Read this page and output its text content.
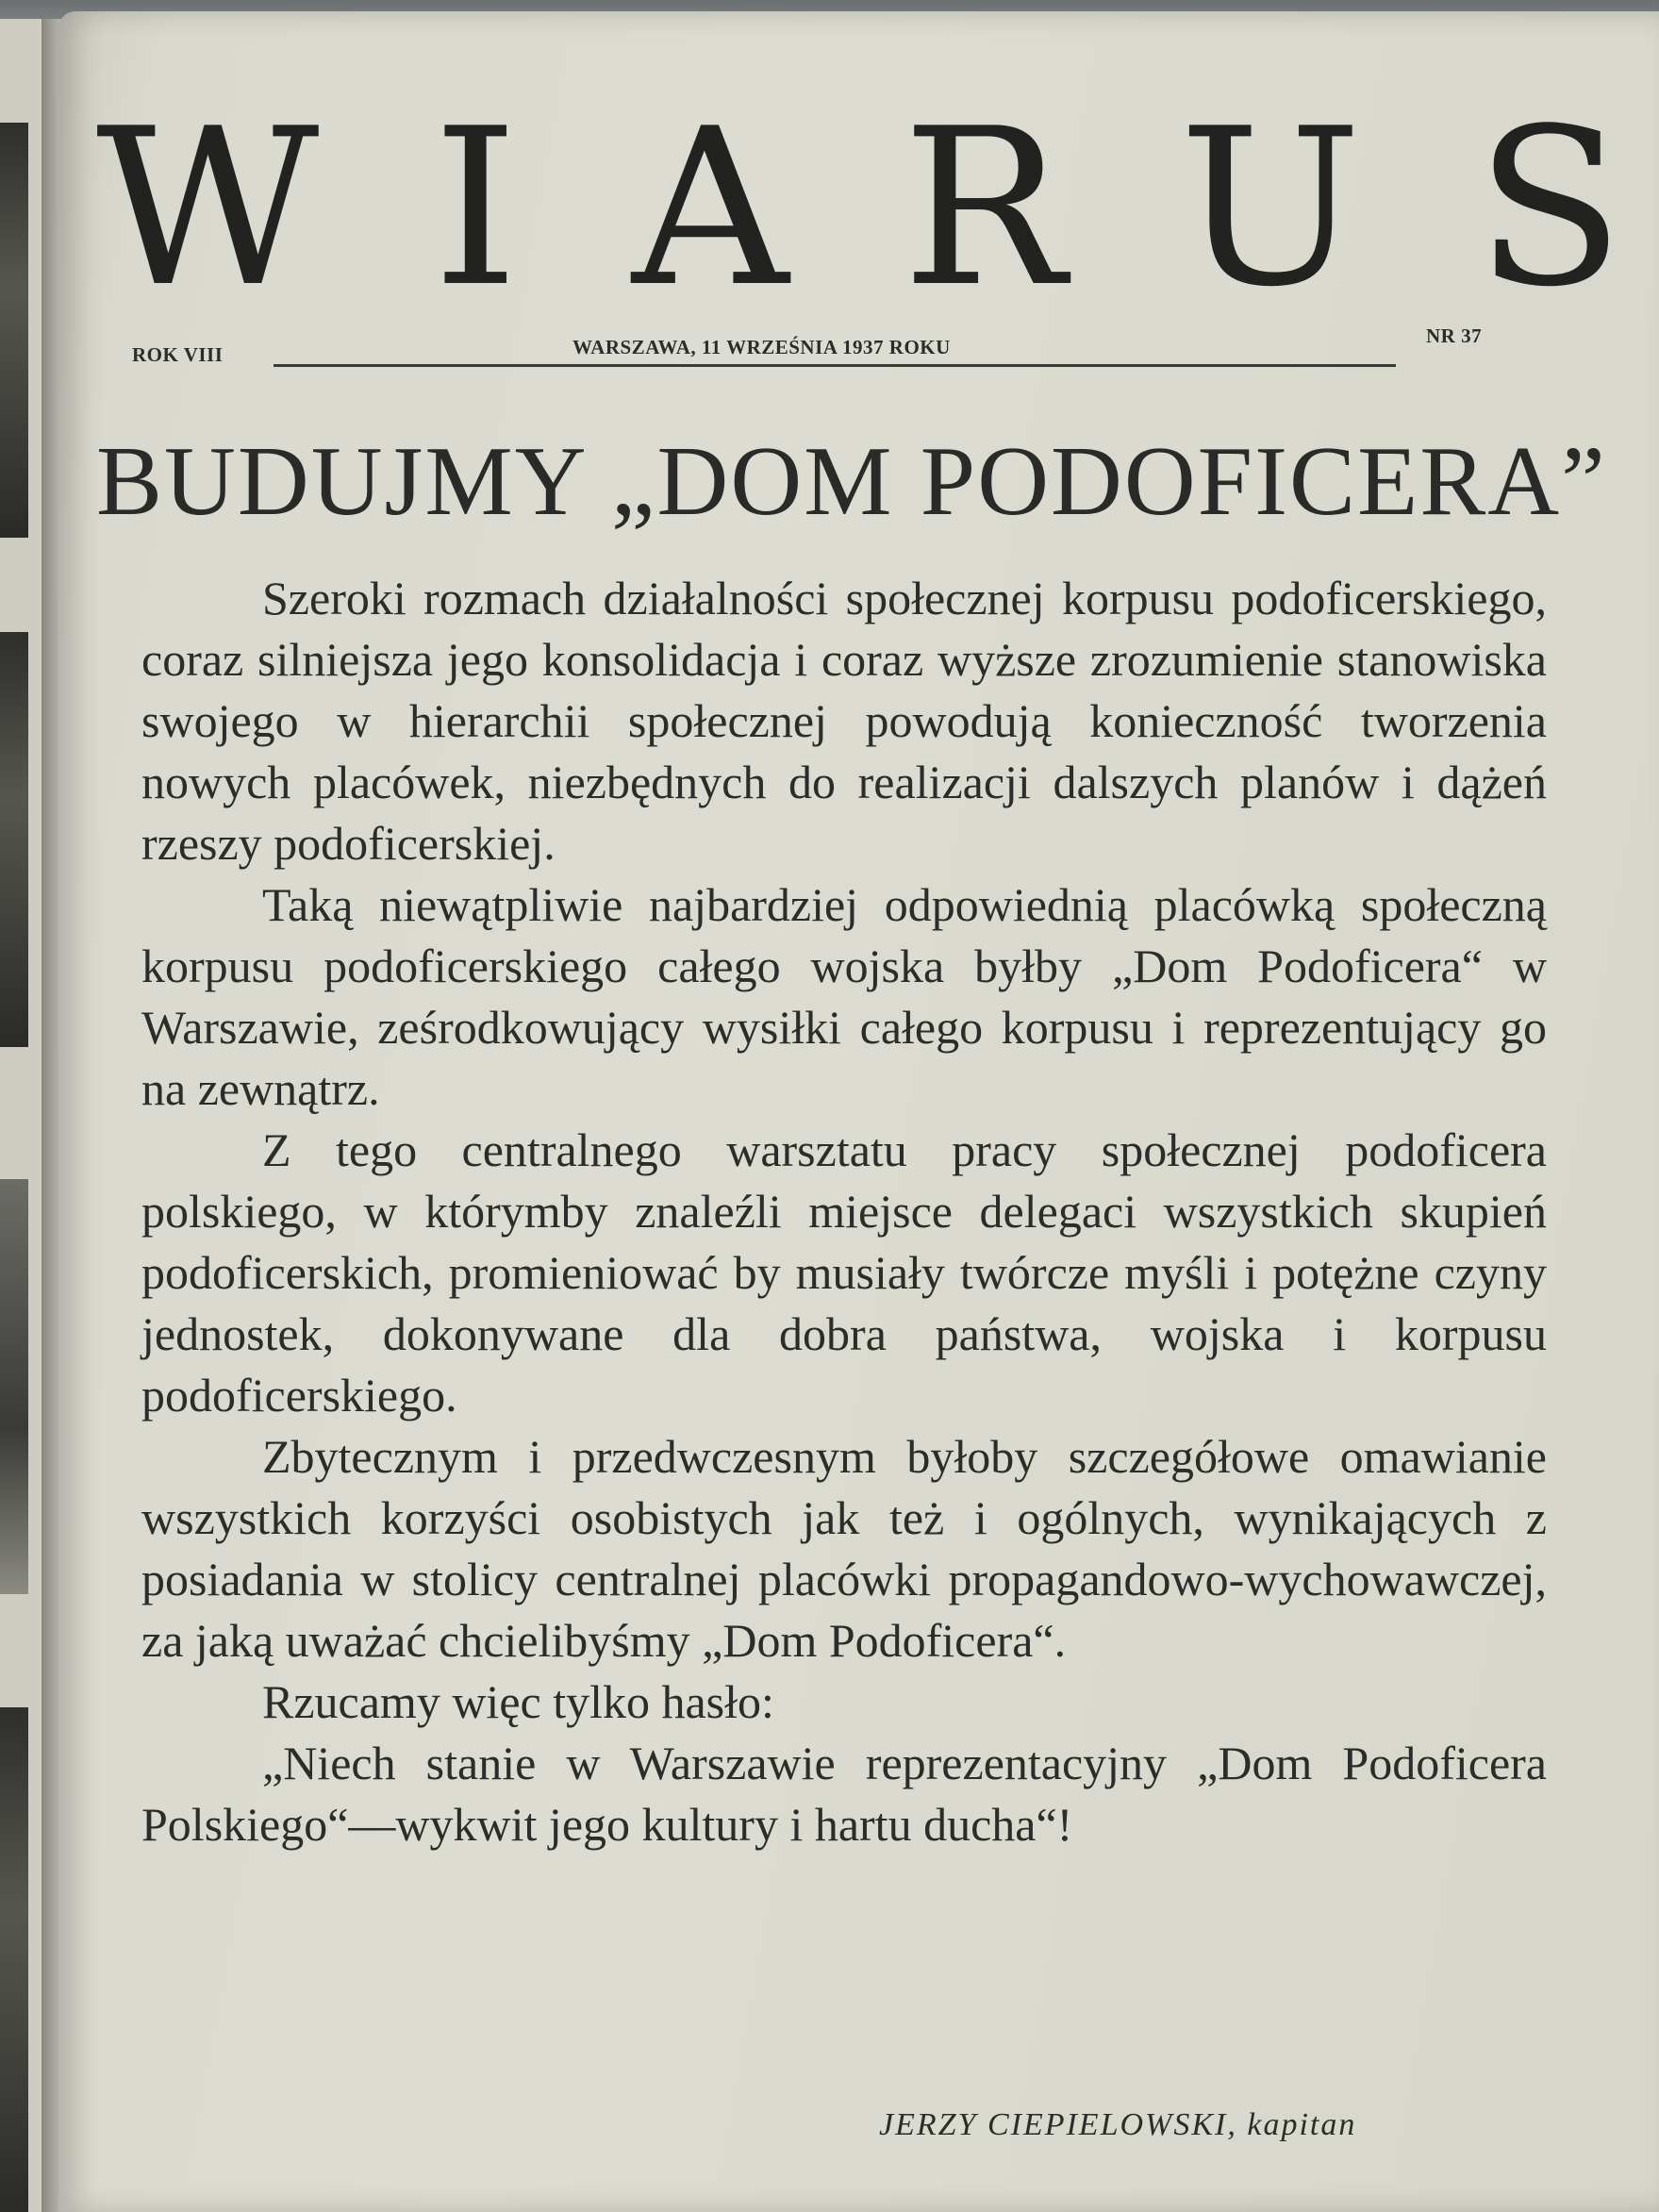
W I A R U S
ROK VIII	WARSZAWA, 11 WRZEŚNIA 1937 ROKU	NR 37
BUDUJMY „DOM PODOFICERA”

Szeroki rozmach działalności społecznej korpusu podoficerskiego, coraz silniejsza jego konsolidacja i coraz wyższe zrozumienie stanowiska swojego w hierarchii społecznej powodują konieczność tworzenia nowych placówek, niezbędnych do realizacji dalszych planów i dążeń rzeszy podoficerskiej.

Taką niewątpliwie najbardziej odpowiednią placówką społeczną korpusu podoficerskiego całego wojska byłby „Dom Podoficera“ w Warszawie, ześrodkowujący wysiłki całego korpusu i reprezentujący go na zewnątrz.

Z tego centralnego warsztatu pracy społecznej podoficera polskiego, w którymby znaleźli miejsce delegaci wszystkich skupień podoficerskich, promieniować by musiały twórcze myśli i potężne czyny jednostek, dokonywane dla dobra państwa, wojska i korpusu podoficerskiego.

Zbytecznym i przedwczesnym byłoby szczegółowe omawianie wszystkich korzyści osobistych jak też i ogólnych, wynikających z posiadania w stolicy centralnej placówki propagandowo-wychowawczej, za jaką uważać chcielibyśmy „Dom Podoficera“.

Rzucamy więc tylko hasło:

„Niech stanie w Warszawie reprezentacyjny „Dom Podoficera Polskiego“—wykwit jego kultury i hartu ducha“!

JERZY CIEPIELOWSKI, kapitan
